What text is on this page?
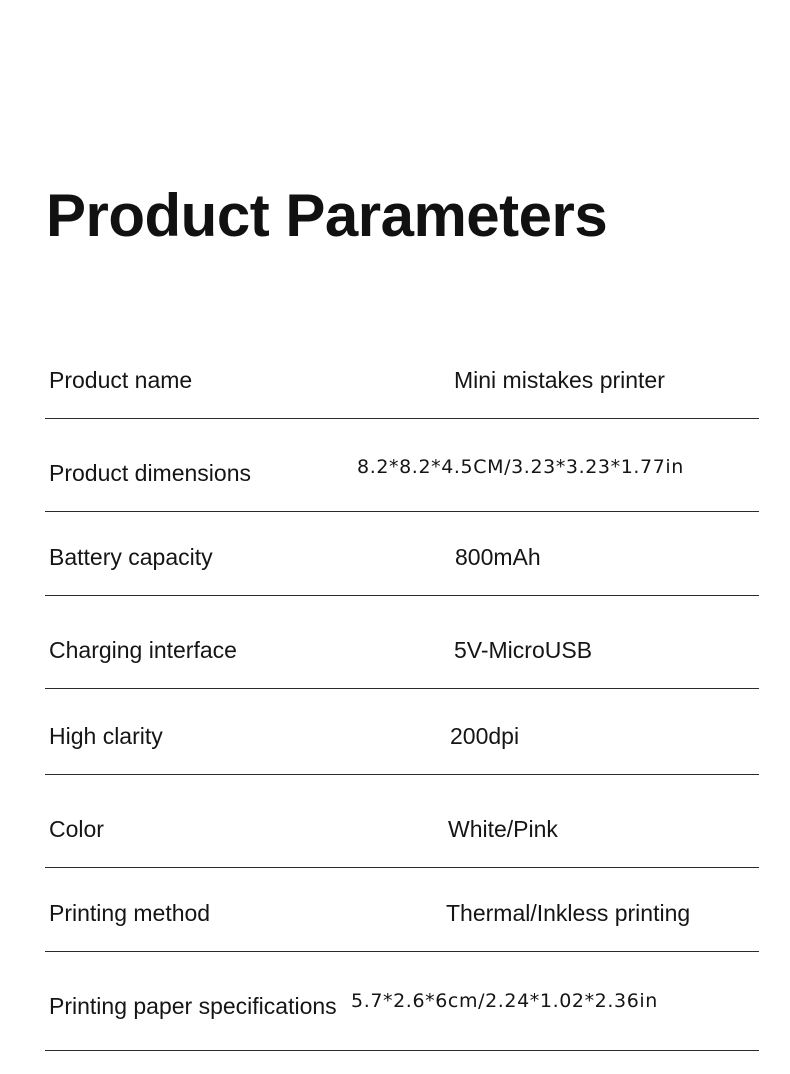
Product Parameters
Product name	Mini mistakes printer
Product dimensions	8.2*8.2*4.5CM/3.23*3.23*1.77in
Battery capacity	800mAh
Charging interface	5V-MicroUSB
High clarity	200dpi
Color	White/Pink
Printing method	Thermal/Inkless printing
Printing paper specifications 5.7*2.6*6cm/2.24*1.02*2.36in
